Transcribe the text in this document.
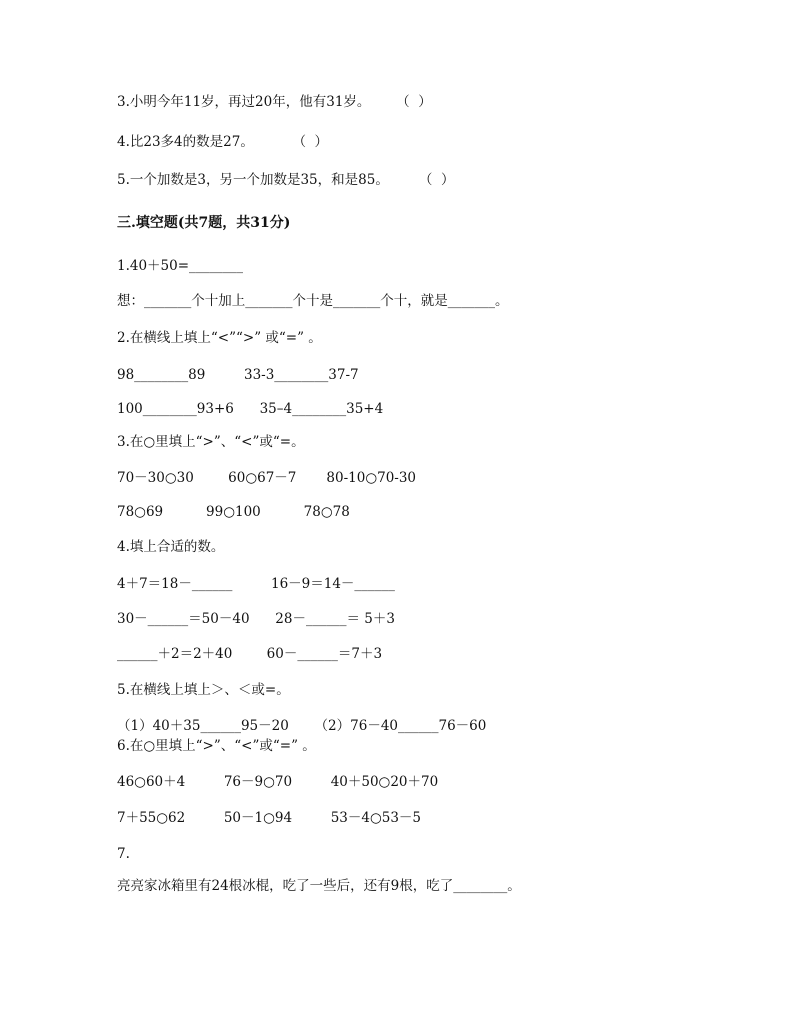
3.小明今年11岁，再过20年，他有31岁。      （  ）
4.比23多4的数是27。         （  ）
5.一个加数是3，另一个加数是35，和是85。       （  ）
三.填空题(共7题，共31分)
1.40＋50=________
想：_______个十加上_______个十是_______个十，就是_______。
2.在横线上填上“<”“>” 或“=” 。
98________89         33-3________37-7
100________93+6      35–4________35+4
3.在○里填上“>”、“<”或“=。
70－30○30        60○67－7       80-10○70-30
78○69          99○100          78○78
4.填上合适的数。
4＋7＝18－______         16－9＝14－______
30－______＝50－40      28－______＝ 5＋3
______＋2＝2＋40        60－______＝7＋3
5.在横线上填上＞、＜或=。
（1）40＋35______95－20      （2）76－40______76－60
6.在○里填上“>”、“<”或“=” 。
46○60＋4         76－9○70         40＋50○20＋70
7＋55○62         50－1○94         53－4○53－5
7.
亮亮家冰箱里有24根冰棍，吃了一些后，还有9根，吃了________。
